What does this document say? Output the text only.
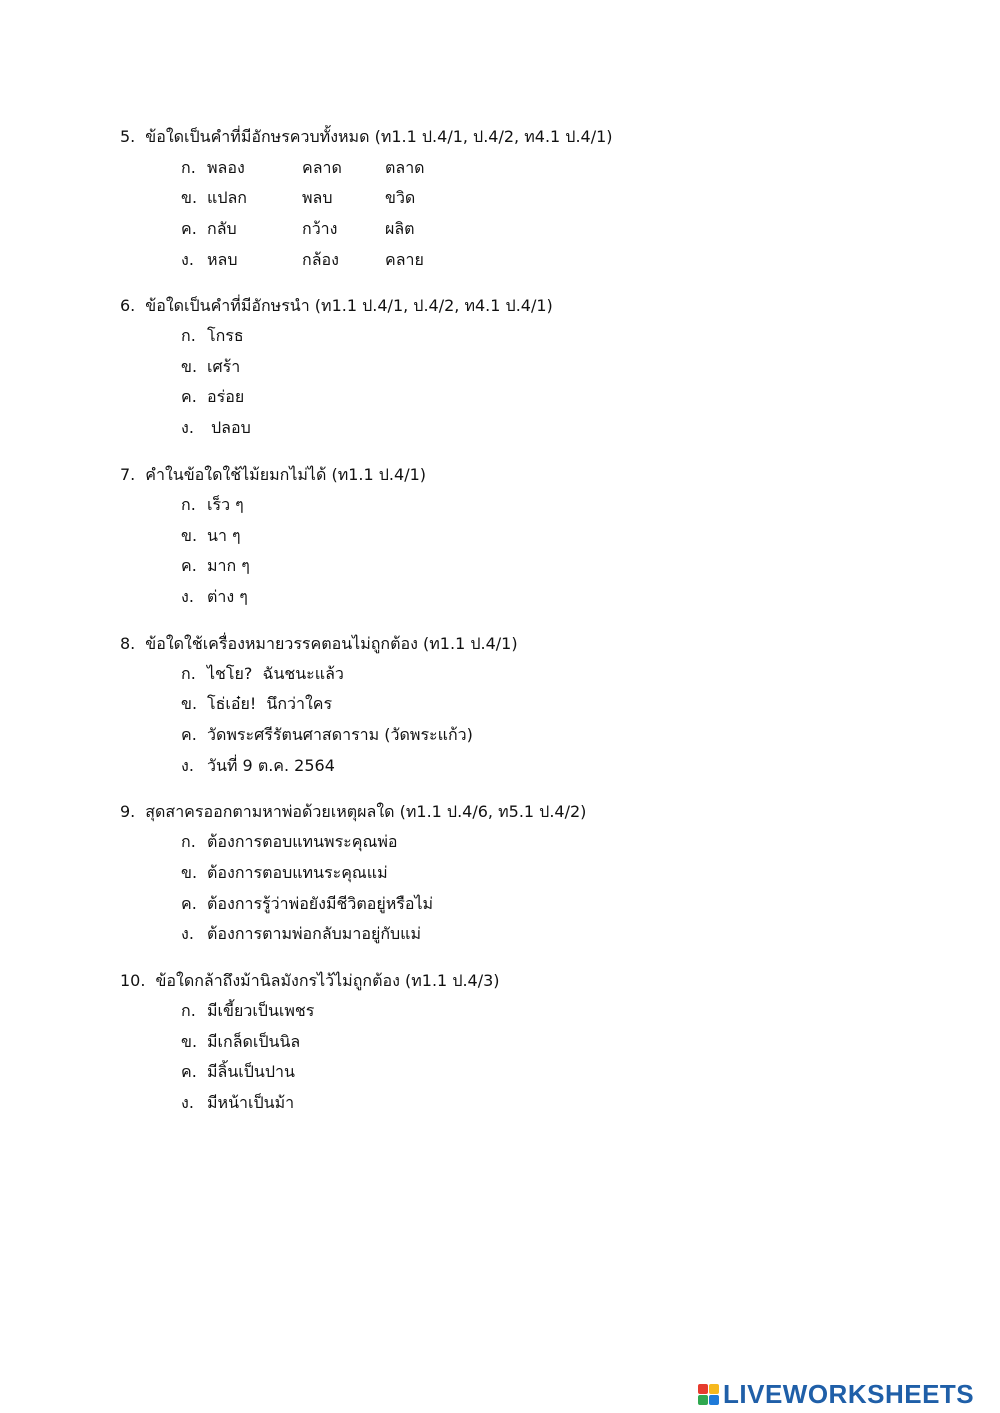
5. ข้อใดเป็นคำที่มีอักษรควบทั้งหมด (ท1.1 ป.4/1, ป.4/2, ท4.1 ป.4/1)
ก. พลอง	คลาด	ตลาด
ข. แปลก	พลบ	ขวิด
ค. กลับ	กว้าง	ผลิต
ง. หลบ	กล้อง	คลาย
6. ข้อใดเป็นคำที่มีอักษรนำ (ท1.1 ป.4/1, ป.4/2, ท4.1 ป.4/1)
ก. โกรธ
ข. เศร้า
ค. อร่อย
ง. ปลอบ
7. คำในข้อใดใช้ไม้ยมกไม่ได้ (ท1.1 ป.4/1)
ก. เร็ว ๆ
ข. นา ๆ
ค. มาก ๆ
ง. ต่าง ๆ
8. ข้อใดใช้เครื่องหมายวรรคตอนไม่ถูกต้อง (ท1.1 ป.4/1)
ก. ไชโย?  ฉันชนะแล้ว
ข. โธ่เอ๋ย!  นึกว่าใคร
ค. วัดพระศรีรัตนศาสดาราม (วัดพระแก้ว)
ง. วันที่ 9 ต.ค. 2564
9. สุดสาครออกตามหาพ่อด้วยเหตุผลใด (ท1.1 ป.4/6, ท5.1 ป.4/2)
ก. ต้องการตอบแทนพระคุณพ่อ
ข. ต้องการตอบแทนระคุณแม่
ค. ต้องการรู้ว่าพ่อยังมีชีวิตอยู่หรือไม่
ง. ต้องการตามพ่อกลับมาอยู่กับแม่
10. ข้อใดกล้าถึงม้านิลมังกรไว้ไม่ถูกต้อง (ท1.1 ป.4/3)
ก. มีเขี้ยวเป็นเพชร
ข. มีเกล็ดเป็นนิล
ค. มีลิ้นเป็นปาน
ง. มีหน้าเป็นม้า
LIVEWORKSHEETS
